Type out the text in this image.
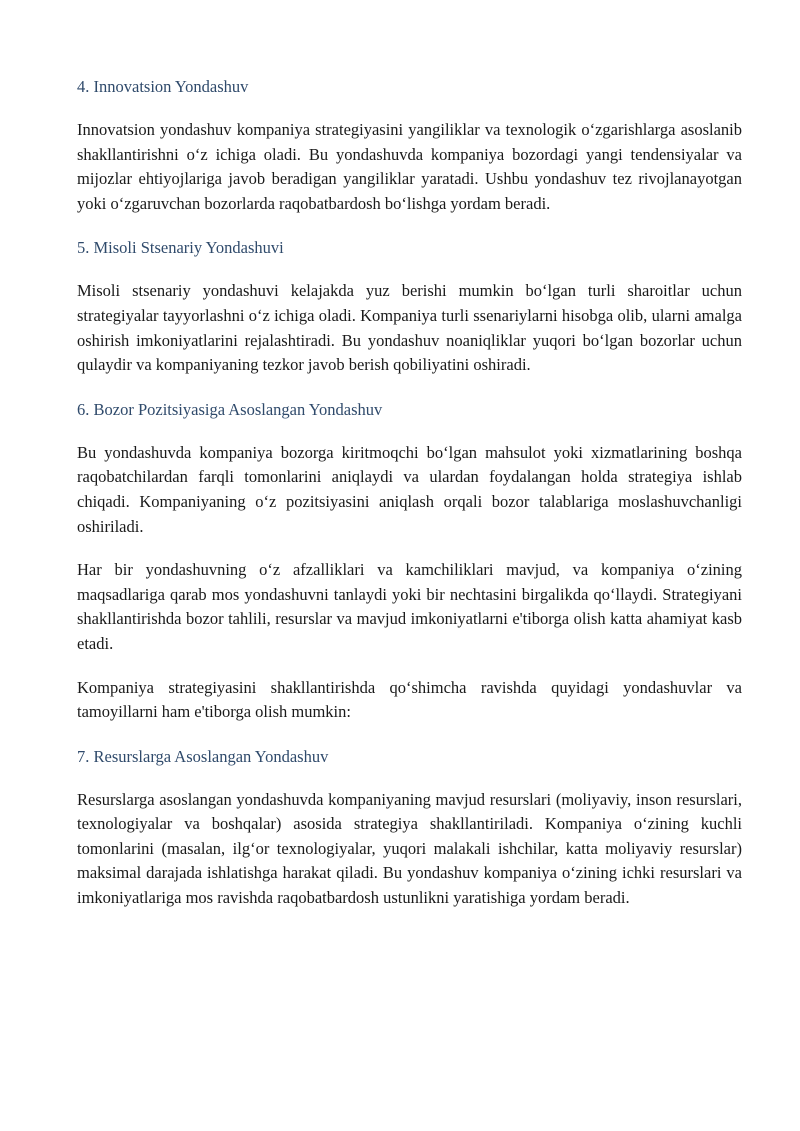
4. Innovatsion Yondashuv

Innovatsion yondashuv kompaniya strategiyasini yangiliklar va texnologik o‘zgarishlarga asoslanib shakllantirishni o‘z ichiga oladi. Bu yondashuvda kompaniya bozordagi yangi tendensiyalar va mijozlar ehtiyojlariga javob beradigan yangiliklar yaratadi. Ushbu yondashuv tez rivojlanayotgan yoki o‘zgaruvchan bozorlarda raqobatbardosh bo‘lishga yordam beradi.

5. Misoli Stsenariy Yondashuvi

Misoli stsenariy yondashuvi kelajakda yuz berishi mumkin bo‘lgan turli sharoitlar uchun strategiyalar tayyorlashni o‘z ichiga oladi. Kompaniya turli ssenariylarni hisobga olib, ularni amalga oshirish imkoniyatlarini rejalashtiradi. Bu yondashuv noaniqliklar yuqori bo‘lgan bozorlar uchun qulaydir va kompaniyaning tezkor javob berish qobiliyatini oshiradi.

6. Bozor Pozitsiyasiga Asoslangan Yondashuv

Bu yondashuvda kompaniya bozorga kiritmoqchi bo‘lgan mahsulot yoki xizmatlarining boshqa raqobatchilardan farqli tomonlarini aniqlaydi va ulardan foydalangan holda strategiya ishlab chiqadi. Kompaniyaning o‘z pozitsiyasini aniqlash orqali bozor talablariga moslashuvchanligi oshiriladi.

Har bir yondashuvning o‘z afzalliklari va kamchiliklari mavjud, va kompaniya o‘zining maqsadlariga qarab mos yondashuvni tanlaydi yoki bir nechtasini birgalikda qo‘llaydi. Strategiyani shakllantirishda bozor tahlili, resurslar va mavjud imkoniyatlarni e'tiborga olish katta ahamiyat kasb etadi.

Kompaniya strategiyasini shakllantirishda qo‘shimcha ravishda quyidagi yondashuvlar va tamoyillarni ham e'tiborga olish mumkin:

7. Resurslarga Asoslangan Yondashuv

Resurslarga asoslangan yondashuvda kompaniyaning mavjud resurslari (moliyaviy, inson resurslari, texnologiyalar va boshqalar) asosida strategiya shakllantiriladi. Kompaniya o‘zining kuchli tomonlarini (masalan, ilg‘or texnologiyalar, yuqori malakali ishchilar, katta moliyaviy resurslar) maksimal darajada ishlatishga harakat qiladi. Bu yondashuv kompaniya o‘zining ichki resurslari va imkoniyatlariga mos ravishda raqobatbardosh ustunlikni yaratishiga yordam beradi.
